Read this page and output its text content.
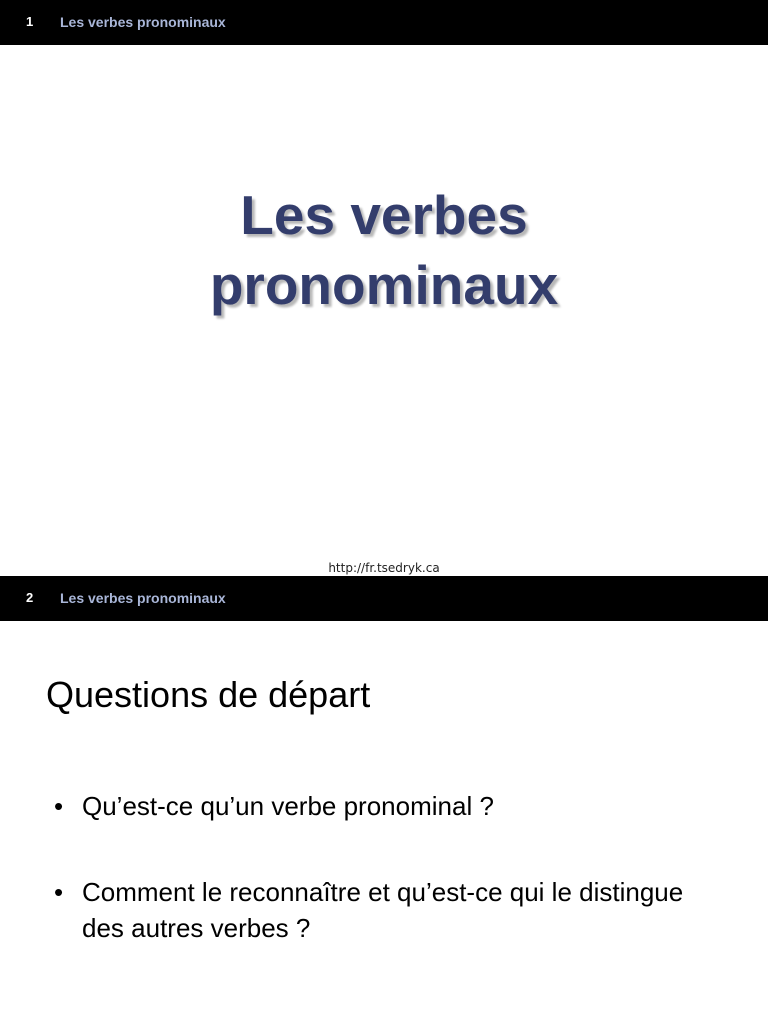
1 Les verbes pronominaux
Les verbes
pronominaux
http://fr.tsedryk.ca
2 Les verbes pronominaux
Questions de départ
• Qu’est-ce qu’un verbe pronominal ?
• Comment le reconnaître et qu’est-ce qui le distingue des autres verbes ?
